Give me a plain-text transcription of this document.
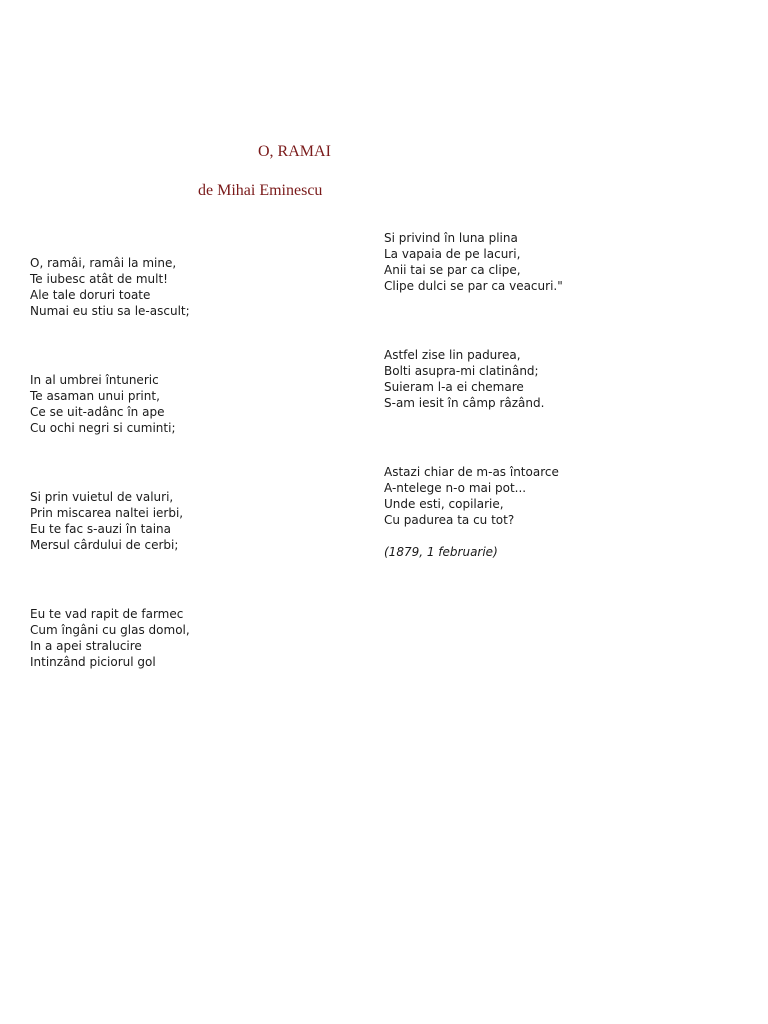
O, RAMAI
de Mihai Eminescu
O, ramâi, ramâi la mine,
Te iubesc atât de mult!
Ale tale doruri toate
Numai eu stiu sa le-ascult;
In al umbrei întuneric
Te asaman unui print,
Ce se uit-adânc în ape
Cu ochi negri si cuminti;
Si prin vuietul de valuri,
Prin miscarea naltei ierbi,
Eu te fac s-auzi în taina
Mersul cârdului de cerbi;
Eu te vad rapit de farmec
Cum îngâni cu glas domol,
In a apei stralucire
Intinzând piciorul gol
Si privind în luna plina
La vapaia de pe lacuri,
Anii tai se par ca clipe,
Clipe dulci se par ca veacuri."
Astfel zise lin padurea,
Bolti asupra-mi clatinând;
Suieram l-a ei chemare
S-am iesit în câmp râzând.
Astazi chiar de m-as întoarce
A-ntelege n-o mai pot...
Unde esti, copilarie,
Cu padurea ta cu tot?
(1879, 1 februarie)
